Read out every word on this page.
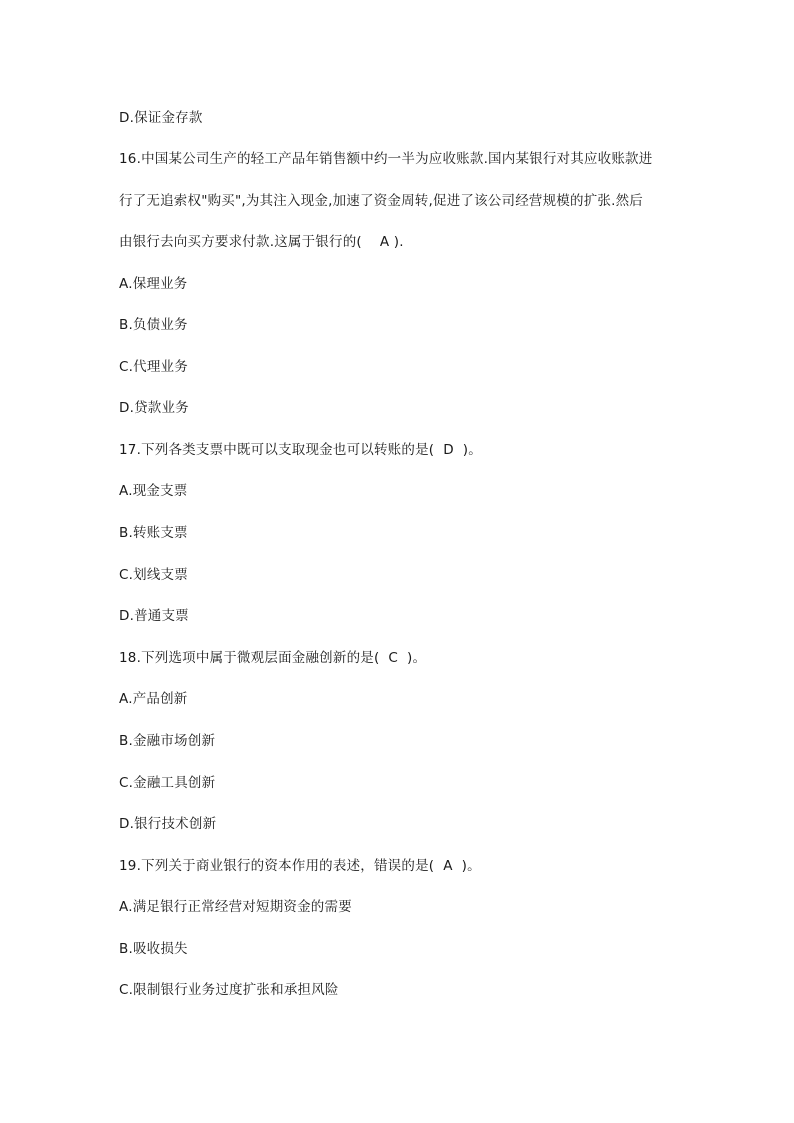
D.保证金存款
16.中国某公司生产的轻工产品年销售额中约一半为应收账款.国内某银行对其应收账款进
行了无追索权"购买",为其注入现金,加速了资金周转,促进了该公司经营规模的扩张.然后
由银行去向买方要求付款.这属于银行的(    A ).
A.保理业务
B.负债业务
C.代理业务
D.贷款业务
17.下列各类支票中既可以支取现金也可以转账的是(  D  )。
A.现金支票
B.转账支票
C.划线支票
D.普通支票
18.下列选项中属于微观层面金融创新的是(  C  )。
A.产品创新
B.金融市场创新
C.金融工具创新
D.银行技术创新
19.下列关于商业银行的资本作用的表述，错误的是(  A  )。
A.满足银行正常经营对短期资金的需要
B.吸收损失
C.限制银行业务过度扩张和承担风险
